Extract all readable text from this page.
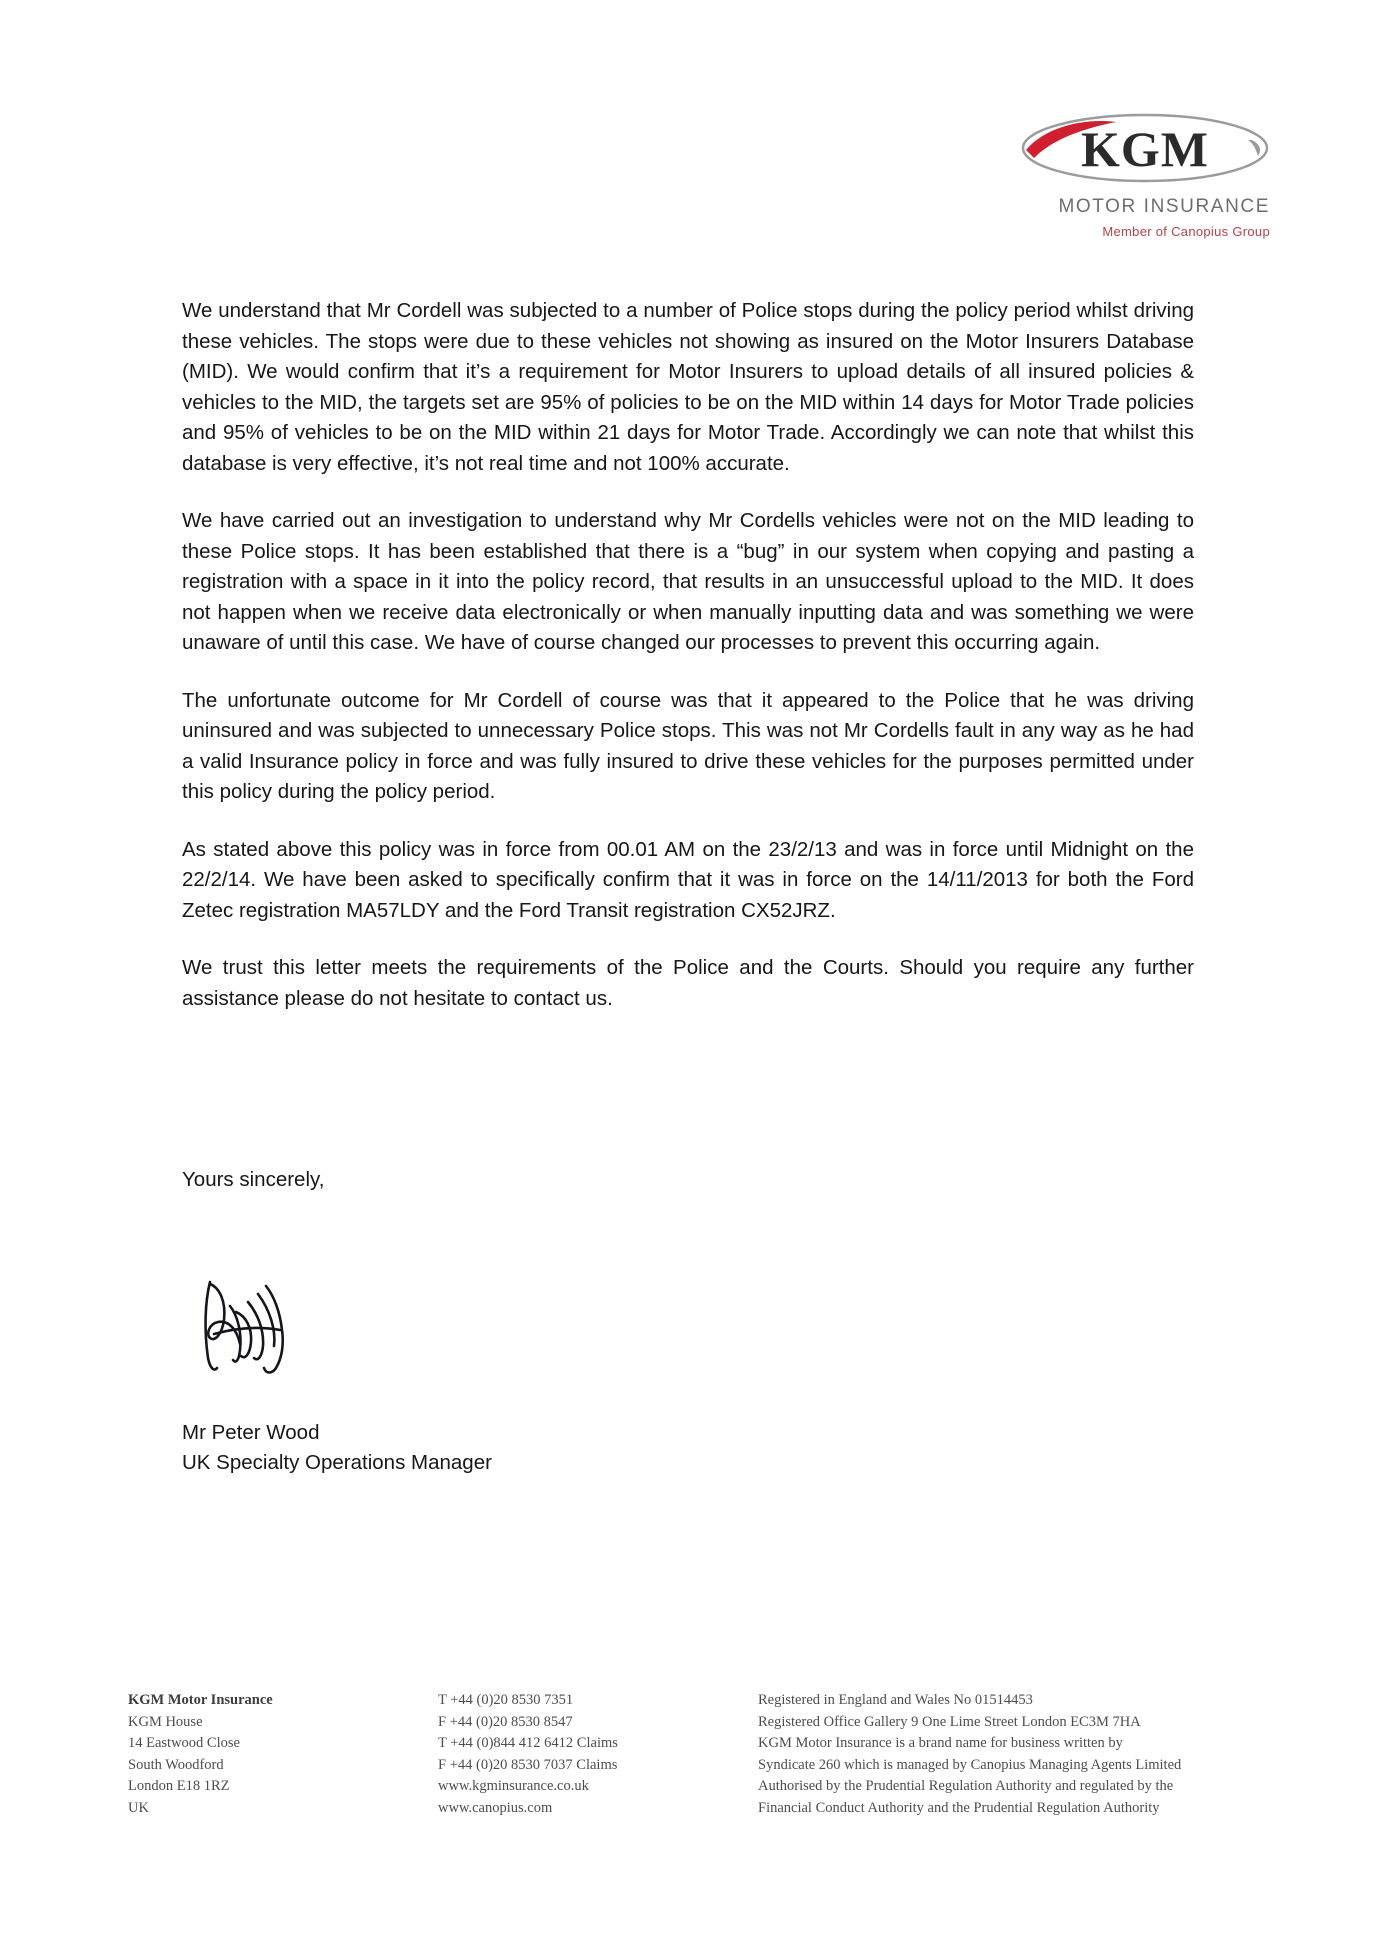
KGM
MOTOR INSURANCE
Member of Canopius Group

We understand that Mr Cordell was subjected to a number of Police stops during the policy period whilst driving these vehicles. The stops were due to these vehicles not showing as insured on the Motor Insurers Database (MID). We would confirm that it’s a requirement for Motor Insurers to upload details of all insured policies & vehicles to the MID, the targets set are 95% of policies to be on the MID within 14 days for Motor Trade policies and 95% of vehicles to be on the MID within 21 days for Motor Trade. Accordingly we can note that whilst this database is very effective, it’s not real time and not 100% accurate.

We have carried out an investigation to understand why Mr Cordells vehicles were not on the MID leading to these Police stops. It has been established that there is a “bug” in our system when copying and pasting a registration with a space in it into the policy record, that results in an unsuccessful upload to the MID. It does not happen when we receive data electronically or when manually inputting data and was something we were unaware of until this case. We have of course changed our processes to prevent this occurring again.

The unfortunate outcome for Mr Cordell of course was that it appeared to the Police that he was driving uninsured and was subjected to unnecessary Police stops. This was not Mr Cordells fault in any way as he had a valid Insurance policy in force and was fully insured to drive these vehicles for the purposes permitted under this policy during the policy period.

As stated above this policy was in force from 00.01 AM on the 23/2/13 and was in force until Midnight on the 22/2/14. We have been asked to specifically confirm that it was in force on the 14/11/2013 for both the Ford Zetec registration MA57LDY and the Ford Transit registration CX52JRZ.

We trust this letter meets the requirements of the Police and the Courts. Should you require any further assistance please do not hesitate to contact us.

Yours sincerely,
Mr Peter Wood
UK Specialty Operations Manager
KGM Motor Insurance
KGM House
14 Eastwood Close
South Woodford
London E18 1RZ
UK
T +44 (0)20 8530 7351
F +44 (0)20 8530 8547
T +44 (0)844 412 6412 Claims
F +44 (0)20 8530 7037 Claims
www.kgminsurance.co.uk
www.canopius.com
Registered in England and Wales No 01514453
Registered Office Gallery 9 One Lime Street London EC3M 7HA
KGM Motor Insurance is a brand name for business written by
Syndicate 260 which is managed by Canopius Managing Agents Limited
Authorised by the Prudential Regulation Authority and regulated by the
Financial Conduct Authority and the Prudential Regulation Authority
